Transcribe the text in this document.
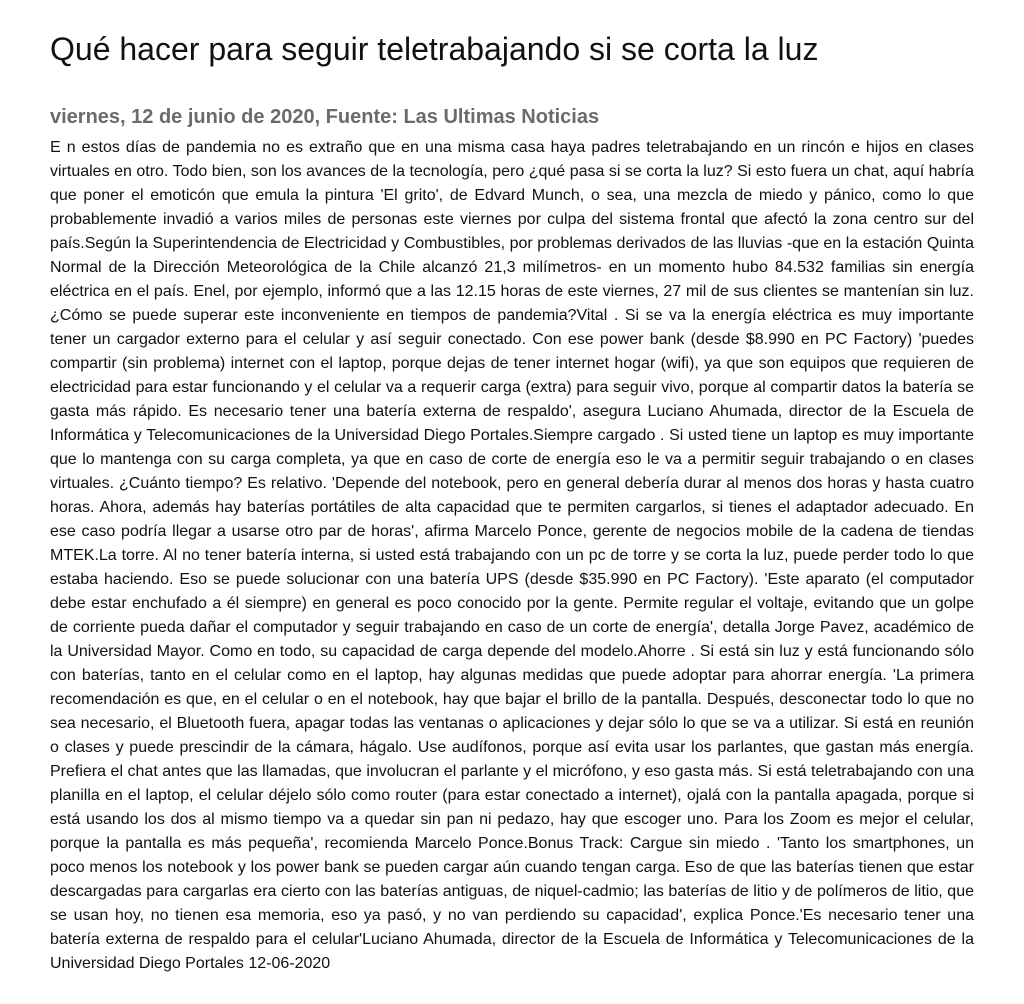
Qué hacer para seguir teletrabajando si se corta la luz
viernes, 12 de junio de 2020, Fuente: Las Ultimas Noticias

E n estos días de pandemia no es extraño que en una misma casa haya padres teletrabajando en un rincón e hijos en clases virtuales en otro. Todo bien, son los avances de la tecnología, pero ¿qué pasa si se corta la luz? Si esto fuera un chat, aquí habría que poner el emoticón que emula la pintura 'El grito', de Edvard Munch, o sea, una mezcla de miedo y pánico, como lo que probablemente invadió a varios miles de personas este viernes por culpa del sistema frontal que afectó la zona centro sur del país.Según la Superintendencia de Electricidad y Combustibles, por problemas derivados de las lluvias -que en la estación Quinta Normal de la Dirección Meteorológica de la Chile alcanzó 21,3 milímetros- en un momento hubo 84.532 familias sin energía eléctrica en el país. Enel, por ejemplo, informó que a las 12.15 horas de este viernes, 27 mil de sus clientes se mantenían sin luz. ¿Cómo se puede superar este inconveniente en tiempos de pandemia?Vital . Si se va la energía eléctrica es muy importante tener un cargador externo para el celular y así seguir conectado. Con ese power bank (desde $8.990 en PC Factory) 'puedes compartir (sin problema) internet con el laptop, porque dejas de tener internet hogar (wifi), ya que son equipos que requieren de electricidad para estar funcionando y el celular va a requerir carga (extra) para seguir vivo, porque al compartir datos la batería se gasta más rápido. Es necesario tener una batería externa de respaldo', asegura Luciano Ahumada, director de la Escuela de Informática y Telecomunicaciones de la Universidad Diego Portales.Siempre cargado . Si usted tiene un laptop es muy importante que lo mantenga con su carga completa, ya que en caso de corte de energía eso le va a permitir seguir trabajando o en clases virtuales. ¿Cuánto tiempo? Es relativo. 'Depende del notebook, pero en general debería durar al menos dos horas y hasta cuatro horas. Ahora, además hay baterías portátiles de alta capacidad que te permiten cargarlos, si tienes el adaptador adecuado. En ese caso podría llegar a usarse otro par de horas', afirma Marcelo Ponce, gerente de negocios mobile de la cadena de tiendas MTEK.La torre. Al no tener batería interna, si usted está trabajando con un pc de torre y se corta la luz, puede perder todo lo que estaba haciendo. Eso se puede solucionar con una batería UPS (desde $35.990 en PC Factory). 'Este aparato (el computador debe estar enchufado a él siempre) en general es poco conocido por la gente. Permite regular el voltaje, evitando que un golpe de corriente pueda dañar el computador y seguir trabajando en caso de un corte de energía', detalla Jorge Pavez, académico de la Universidad Mayor. Como en todo, su capacidad de carga depende del modelo.Ahorre . Si está sin luz y está funcionando sólo con baterías, tanto en el celular como en el laptop, hay algunas medidas que puede adoptar para ahorrar energía. 'La primera recomendación es que, en el celular o en el notebook, hay que bajar el brillo de la pantalla. Después, desconectar todo lo que no sea necesario, el Bluetooth fuera, apagar todas las ventanas o aplicaciones y dejar sólo lo que se va a utilizar. Si está en reunión o clases y puede prescindir de la cámara, hágalo. Use audífonos, porque así evita usar los parlantes, que gastan más energía. Prefiera el chat antes que las llamadas, que involucran el parlante y el micrófono, y eso gasta más. Si está teletrabajando con una planilla en el laptop, el celular déjelo sólo como router (para estar conectado a internet), ojalá con la pantalla apagada, porque si está usando los dos al mismo tiempo va a quedar sin pan ni pedazo, hay que escoger uno. Para los Zoom es mejor el celular, porque la pantalla es más pequeña', recomienda Marcelo Ponce.Bonus Track: Cargue sin miedo . 'Tanto los smartphones, un poco menos los notebook y los power bank se pueden cargar aún cuando tengan carga. Eso de que las baterías tienen que estar descargadas para cargarlas era cierto con las baterías antiguas, de niquel-cadmio; las baterías de litio y de polímeros de litio, que se usan hoy, no tienen esa memoria, eso ya pasó, y no van perdiendo su capacidad', explica Ponce.'Es necesario tener una batería externa de respaldo para el celular'Luciano Ahumada, director de la Escuela de Informática y Telecomunicaciones de la Universidad Diego Portales 12-06-2020
